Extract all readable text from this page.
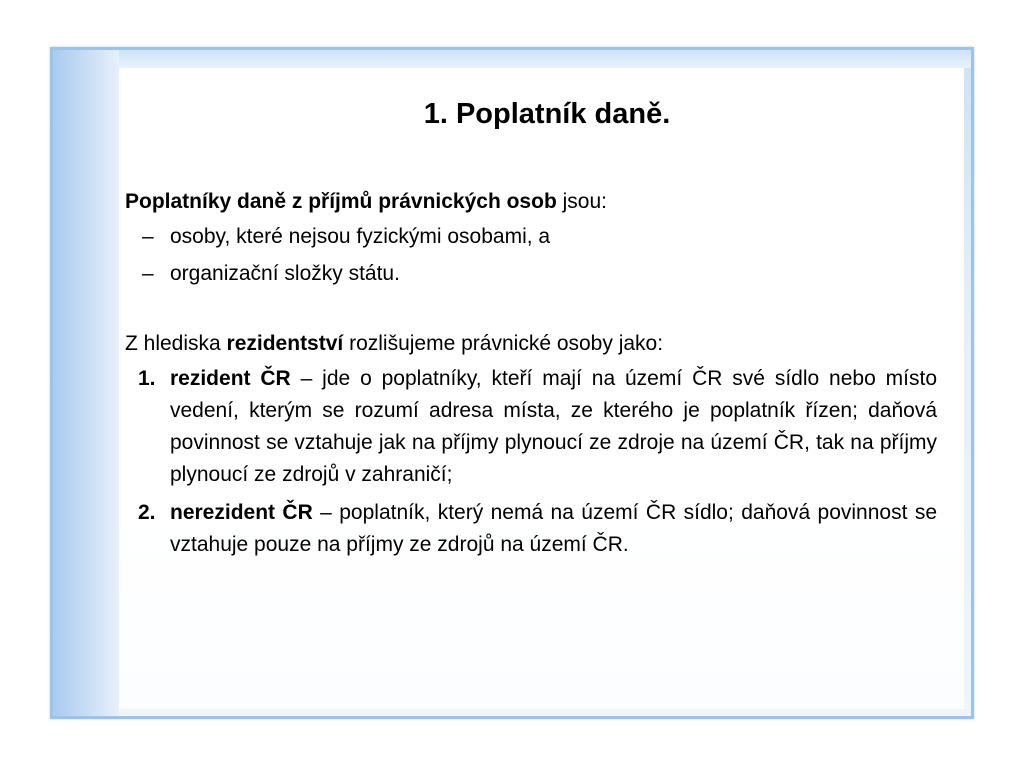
1. Poplatník daně.

Poplatníky daně z příjmů právnických osob jsou:

– osoby, které nejsou fyzickými osobami, a
– organizační složky státu.

Z hlediska rezidentství rozlišujeme právnické osoby jako:

1. rezident ČR – jde o poplatníky, kteří mají na území ČR své sídlo nebo místo vedení, kterým se rozumí adresa místa, ze kterého je poplatník řízen; daňová povinnost se vztahuje jak na příjmy plynoucí ze zdroje na území ČR, tak na příjmy plynoucí ze zdrojů v zahraničí;
2. nerezident ČR – poplatník, který nemá na území ČR sídlo; daňová povinnost se vztahuje pouze na příjmy ze zdrojů na území ČR.
